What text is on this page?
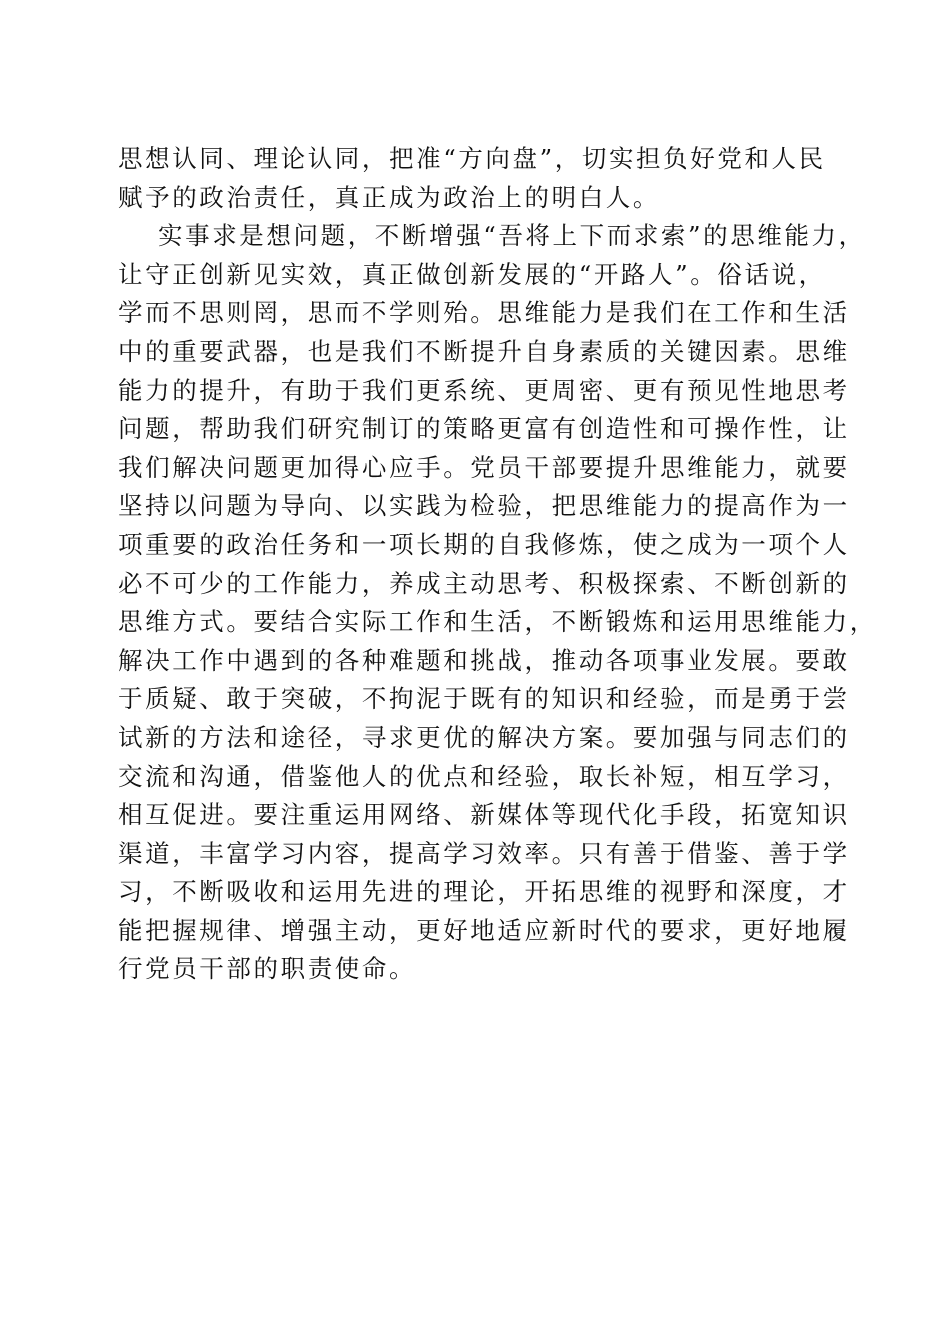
思想认同、理论认同，把准“方向盘”，切实担负好党和人民
赋予的政治责任，真正成为政治上的明白人。
实事求是想问题，不断增强“吾将上下而求索”的思维能力，
让守正创新见实效，真正做创新发展的“开路人”。俗话说，
学而不思则罔，思而不学则殆。思维能力是我们在工作和生活
中的重要武器，也是我们不断提升自身素质的关键因素。思维
能力的提升，有助于我们更系统、更周密、更有预见性地思考
问题，帮助我们研究制订的策略更富有创造性和可操作性，让
我们解决问题更加得心应手。党员干部要提升思维能力，就要
坚持以问题为导向、以实践为检验，把思维能力的提高作为一
项重要的政治任务和一项长期的自我修炼，使之成为一项个人
必不可少的工作能力，养成主动思考、积极探索、不断创新的
思维方式。要结合实际工作和生活，不断锻炼和运用思维能力，
解决工作中遇到的各种难题和挑战，推动各项事业发展。要敢
于质疑、敢于突破，不拘泥于既有的知识和经验，而是勇于尝
试新的方法和途径，寻求更优的解决方案。要加强与同志们的
交流和沟通，借鉴他人的优点和经验，取长补短，相互学习，
相互促进。要注重运用网络、新媒体等现代化手段，拓宽知识
渠道，丰富学习内容，提高学习效率。只有善于借鉴、善于学
习，不断吸收和运用先进的理论，开拓思维的视野和深度，才
能把握规律、增强主动，更好地适应新时代的要求，更好地履
行党员干部的职责使命。
